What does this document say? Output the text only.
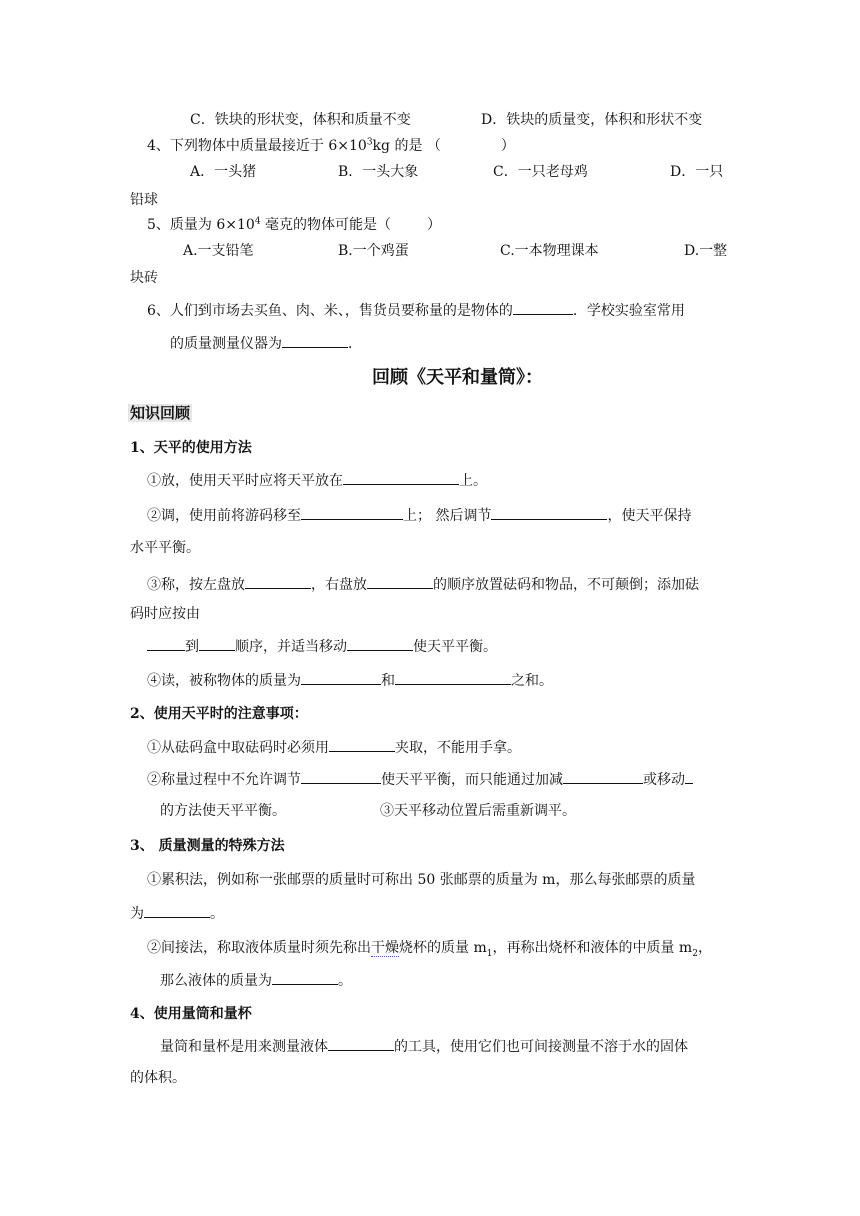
C．铁块的形状变，体积和质量不变	D．铁块的质量变，体积和形状不变
4、下列物体中质量最接近于 $6\times 10^3kg$ 的是 （	）
A．一头猪	B．一头大象	C．一只老母鸡	D．一只
铅球
5、质量为 $6\times 10^4$ 毫克的物体可能是（	）
A.一支铅笔	B.一个鸡蛋	C.一本物理课本	D.一整
块砖
6、人们到市场去买鱼、肉、米、，售货员要称量的是物体的	．学校实验室常用
的质量测量仪器为	．
回顾《天平和量筒》：
知识回顾
1、天平的使用方法
①放，使用天平时应将天平放在	上。
②调，使用前将游码移至	上； 然后调节	，使天平保持
水平平衡。
③称，按左盘放	，右盘放	的顺序放置砝码和物品，不可颠倒；添加砝
码时应按由
到	顺序，并适当移动	使天平平衡。
④读，被称物体的质量为	和	之和。
2、使用天平时的注意事项：
①从砝码盒中取砝码时必须用	夹取，不能用手拿。
②称量过程中不允许调节	使天平平衡，而只能通过加减	或移动
的方法使天平平衡。	③天平移动位置后需重新调平。
3、 质量测量的特殊方法
①累积法，例如称一张邮票的质量时可称出 50 张邮票的质量为 m，那么每张邮票的质量
为	。
②间接法，称取液体质量时须先称出干燥烧杯的质量 $m_1$，再称出烧杯和液体的中质量 $m_2$，
那么液体的质量为	。
4、使用量筒和量杯
量筒和量杯是用来测量液体	的工具，使用它们也可间接测量不溶于水的固体
的体积。
